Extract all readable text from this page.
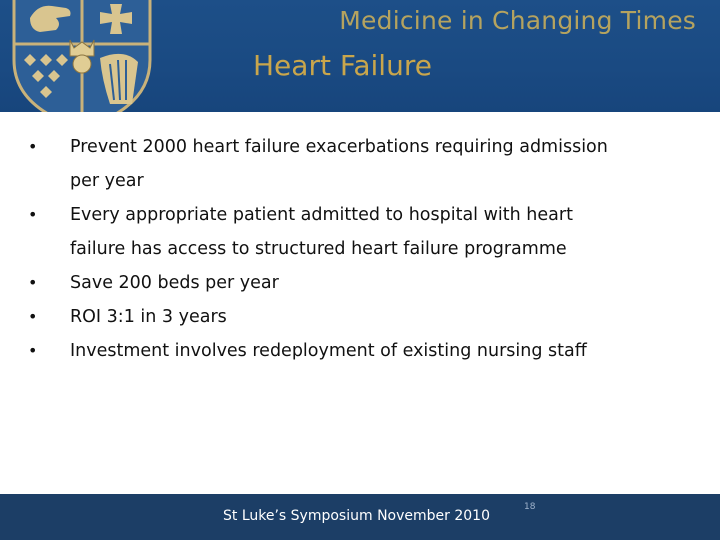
Medicine in Changing Times
Heart Failure
• Prevent 2000 heart failure exacerbations requiring admission
per year
• Every appropriate patient admitted to hospital with heart
failure has access to structured heart failure programme
• Save 200 beds per year
• ROI 3:1 in 3 years
• Investment involves redeployment of existing nursing staff
St Luke’s Symposium November 2010
18
